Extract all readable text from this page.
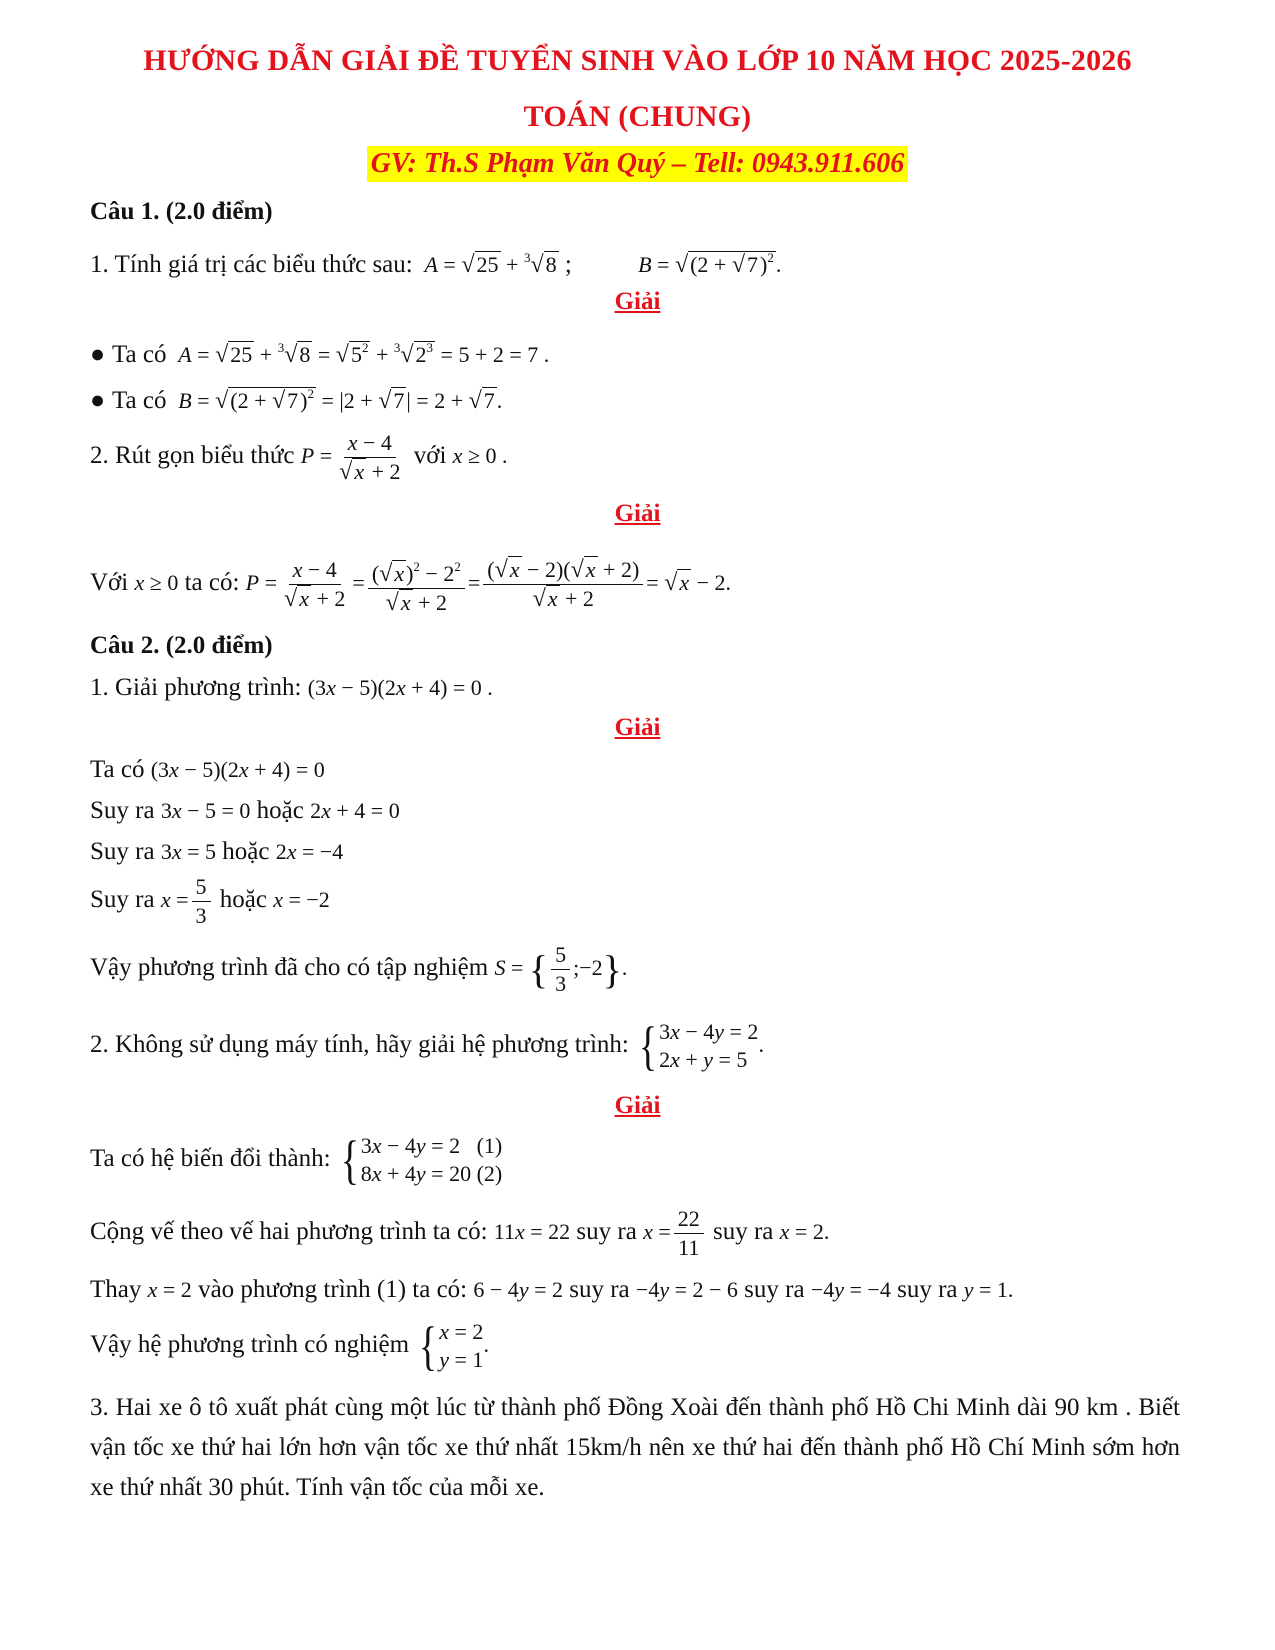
HƯỚNG DẪN GIẢI ĐỀ TUYỂN SINH VÀO LỚP 10 NĂM HỌC 2025-2026
TOÁN (CHUNG)
GV: Th.S Phạm Văn Quý – Tell: 0943.911.606
Câu 1. (2.0 điểm)
1. Tính giá trị các biểu thức sau: A = √25 + $^3$√8 ;	$B = √(2 + √7)^2$.
Giải
● Ta có $A = √25 + ^3√8 = √5^2 + ^3√2^3 = 5 + 2 = 7$ .
● Ta có $B = √(2 + √7)^2 = |2 + √7| = 2 + √7$.
2. Rút gọn biểu thức $P = \frac{x - 4}{√x + 2}$ với x ≥ 0 .
Giải
Với x ≥ 0 ta có: $P = \frac{x - 4}{√x + 2} = \frac{(√x)^2 - 2^2}{√x + 2} = \frac{(√x - 2)(√x + 2)}{√x + 2} = √x - 2$.
Câu 2. (2.0 điểm)
1. Giải phương trình: (3x − 5)(2x + 4) = 0 .
Giải
Ta có (3x − 5)(2x + 4) = 0
Suy ra 3x − 5 = 0 hoặc 2x + 4 = 0
Suy ra 3x = 5 hoặc 2x = −4
Suy ra $x = \frac{5}{3}$ hoặc x = −2
Vậy phương trình đã cho có tập nghiệm S = { $\frac{5}{3}$ ;−2}.
2. Không sử dụng máy tính, hãy giải hệ phương trình: { 3x − 4y = 2
2x + y = 5
.
Giải
Ta có hệ biến đổi thành: { 3x − 4y = 2   (1)
8x + 4y = 20 (2)
Cộng vế theo vế hai phương trình ta có: 11x = 22 suy ra $x = \frac{22}{11}$ suy ra x = 2.
Thay x = 2 vào phương trình (1) ta có: 6 − 4y = 2 suy ra −4y = 2 − 6 suy ra −4y = −4 suy ra y = 1.
Vậy hệ phương trình có nghiệm { x = 2
y = 1
.
3. Hai xe ô tô xuất phát cùng một lúc từ thành phố Đồng Xoài đến thành phố Hồ Chi Minh dài 90 km . Biết vận tốc xe thứ hai lớn hơn vận tốc xe thứ nhất 15km/h nên xe thứ hai đến thành phố Hồ Chí Minh sớm hơn xe thứ nhất 30 phút. Tính vận tốc của mỗi xe.
